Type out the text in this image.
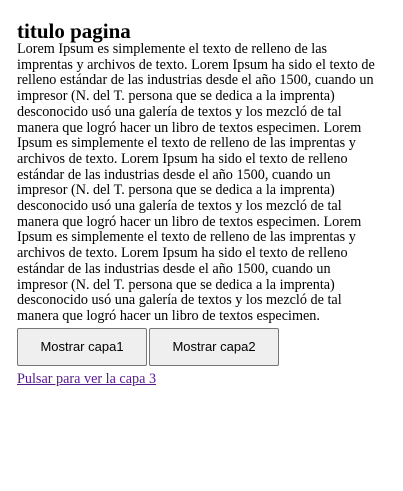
titulo pagina

Lorem Ipsum es simplemente el texto de relleno de las imprentas y archivos de texto. Lorem Ipsum ha sido el texto de relleno estándar de las industrias desde el año 1500, cuando un impresor (N. del T. persona que se dedica a la imprenta) desconocido usó una galería de textos y los mezcló de tal manera que logró hacer un libro de textos especimen. Lorem Ipsum es simplemente el texto de relleno de las imprentas y archivos de texto. Lorem Ipsum ha sido el texto de relleno estándar de las industrias desde el año 1500, cuando un impresor (N. del T. persona que se dedica a la imprenta) desconocido usó una galería de textos y los mezcló de tal manera que logró hacer un libro de textos especimen. Lorem Ipsum es simplemente el texto de relleno de las imprentas y archivos de texto. Lorem Ipsum ha sido el texto de relleno estándar de las industrias desde el año 1500, cuando un impresor (N. del T. persona que se dedica a la imprenta) desconocido usó una galería de textos y los mezcló de tal manera que logró hacer un libro de textos especimen.

Mostrar capa1	Mostrar capa2
Pulsar para ver la capa 3
